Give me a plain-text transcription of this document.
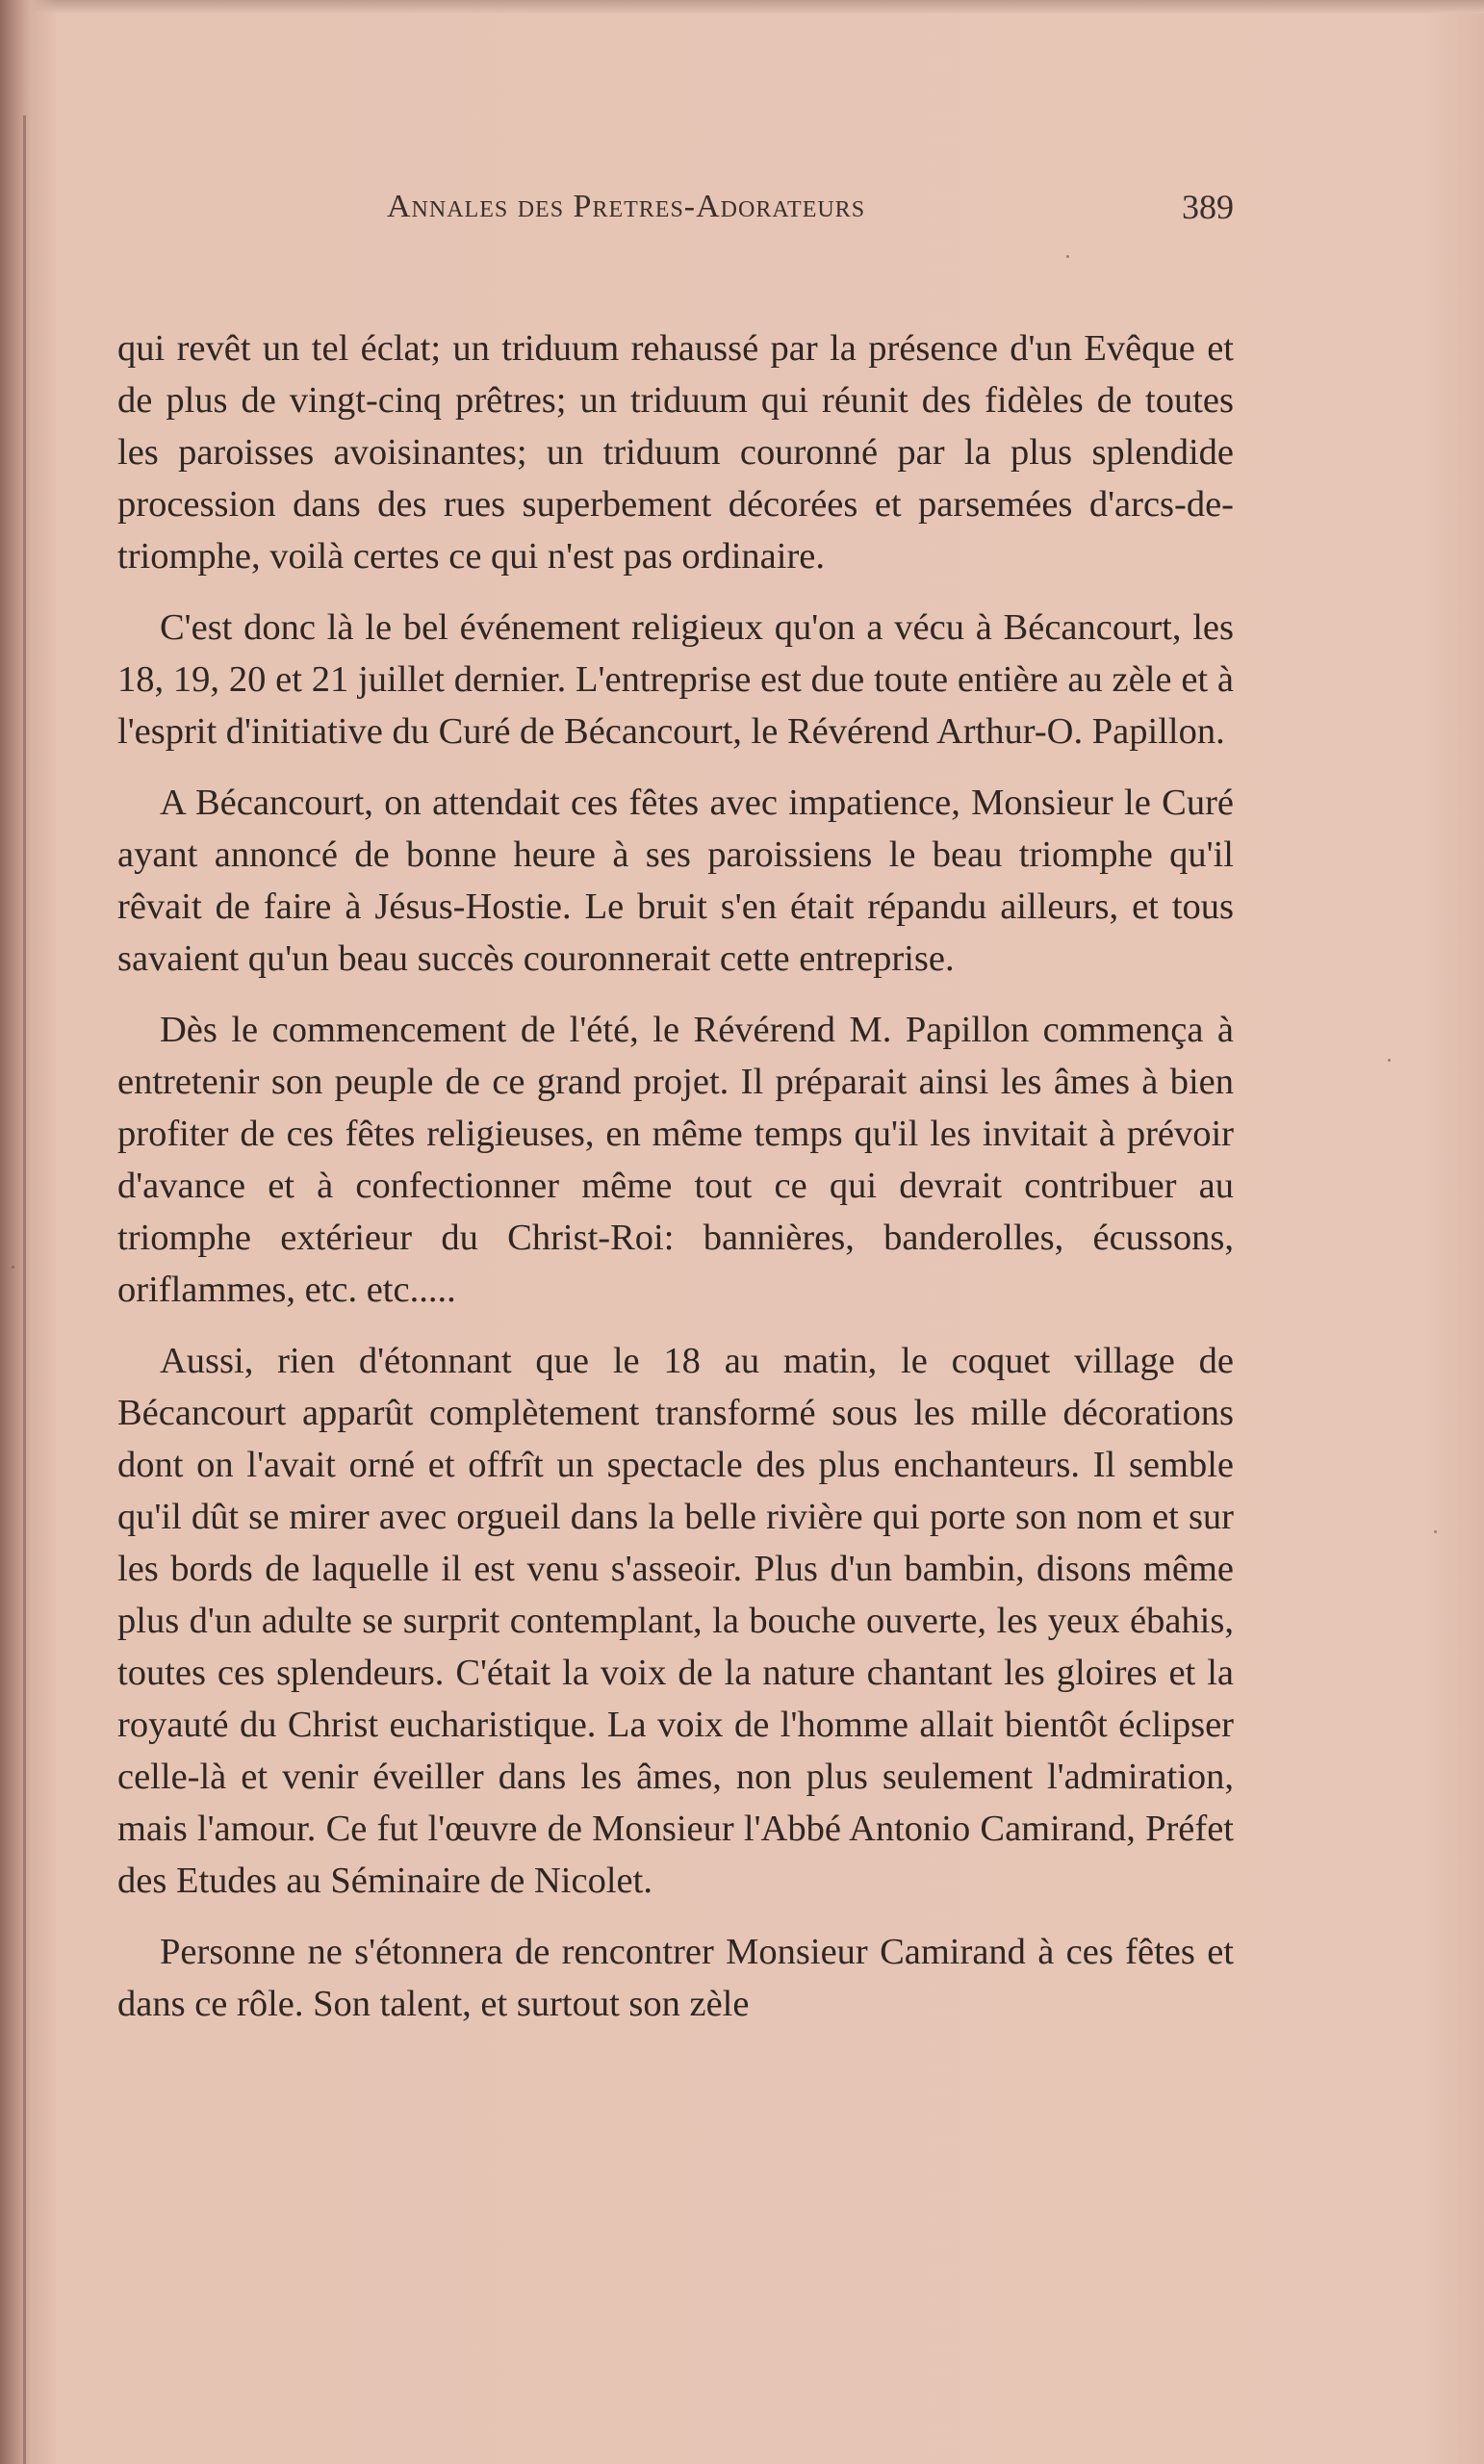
Annales des Pretres-Adorateurs	389

qui revêt un tel éclat; un triduum rehaussé par la présence d'un Evêque et de plus de vingt-cinq prêtres; un triduum qui réunit des fidèles de toutes les paroisses avoisinantes; un triduum couronné par la plus splendide procession dans des rues superbement décorées et parsemées d'arcs-de-triomphe, voilà certes ce qui n'est pas ordinaire.

C'est donc là le bel événement religieux qu'on a vécu à Bécancourt, les 18, 19, 20 et 21 juillet dernier. L'entreprise est due toute entière au zèle et à l'esprit d'initiative du Curé de Bécancourt, le Révérend Arthur-O. Papillon.

A Bécancourt, on attendait ces fêtes avec impatience, Monsieur le Curé ayant annoncé de bonne heure à ses paroissiens le beau triomphe qu'il rêvait de faire à Jésus-Hostie. Le bruit s'en était répandu ailleurs, et tous savaient qu'un beau succès couronnerait cette entreprise.

Dès le commencement de l'été, le Révérend M. Papillon commença à entretenir son peuple de ce grand projet. Il préparait ainsi les âmes à bien profiter de ces fêtes religieuses, en même temps qu'il les invitait à prévoir d'avance et à confectionner même tout ce qui devrait contribuer au triomphe extérieur du Christ-Roi: bannières, banderolles, écussons, oriflammes, etc. etc.....

Aussi, rien d'étonnant que le 18 au matin, le coquet village de Bécancourt apparût complètement transformé sous les mille décorations dont on l'avait orné et offrît un spectacle des plus enchanteurs. Il semble qu'il dût se mirer avec orgueil dans la belle rivière qui porte son nom et sur les bords de laquelle il est venu s'asseoir. Plus d'un bambin, disons même plus d'un adulte se surprit contemplant, la bouche ouverte, les yeux ébahis, toutes ces splendeurs. C'était la voix de la nature chantant les gloires et la royauté du Christ eucharistique. La voix de l'homme allait bientôt éclipser celle-là et venir éveiller dans les âmes, non plus seulement l'admiration, mais l'amour. Ce fut l'œuvre de Monsieur l'Abbé Antonio Camirand, Préfet des Etudes au Séminaire de Nicolet.

Personne ne s'étonnera de rencontrer Monsieur Camirand à ces fêtes et dans ce rôle. Son talent, et surtout son zèle
